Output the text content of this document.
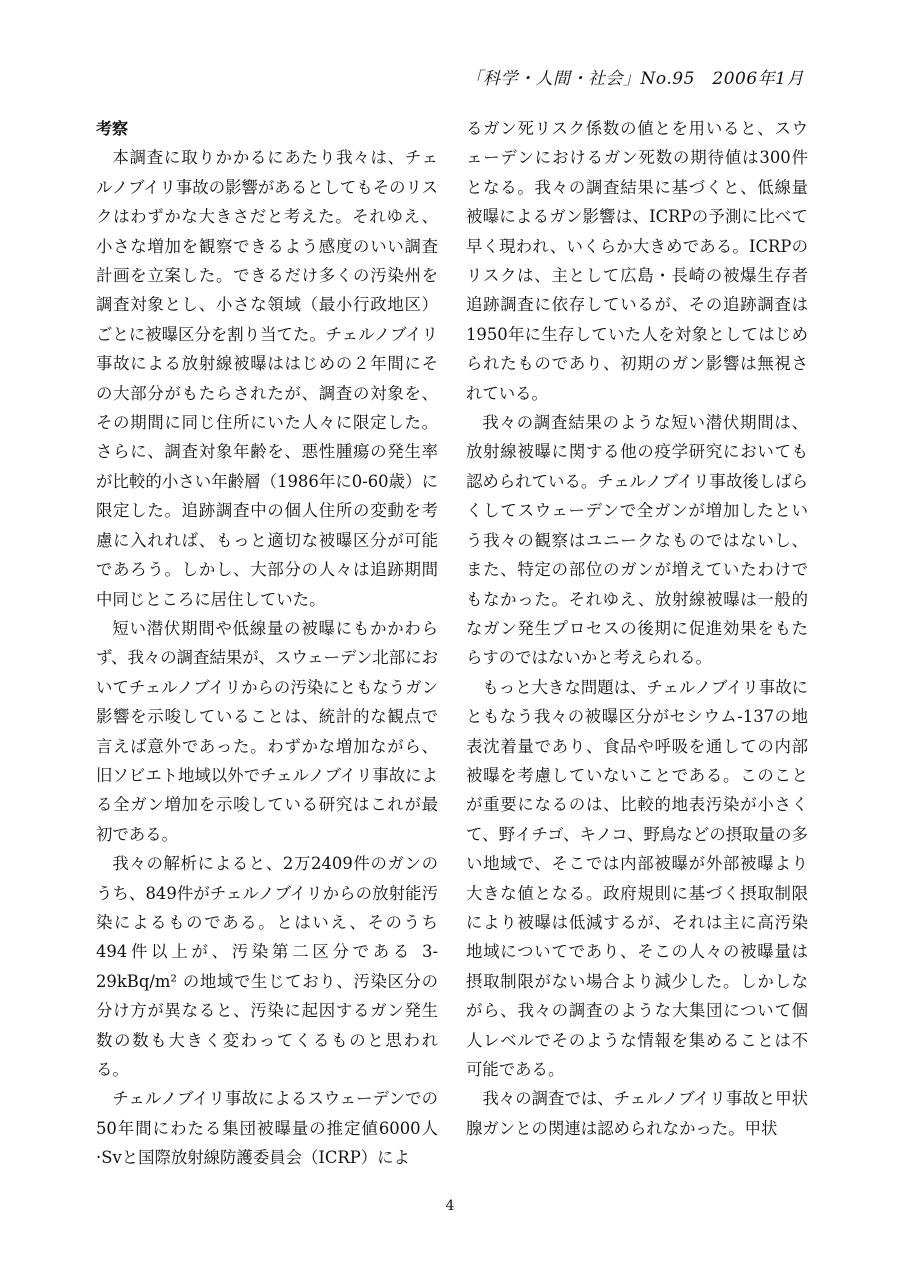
「科学・人間・社会」No.95　2006年1月
考察

本調査に取りかかるにあたり我々は、チェルノブイリ事故の影響があるとしてもそのリスクはわずかな大きさだと考えた。それゆえ、小さな増加を観察できるよう感度のいい調査計画を立案した。できるだけ多くの汚染州を調査対象とし、小さな領域（最小行政地区）ごとに被曝区分を割り当てた。チェルノブイリ事故による放射線被曝ははじめの２年間にその大部分がもたらされたが、調査の対象を、その期間に同じ住所にいた人々に限定した。さらに、調査対象年齢を、悪性腫瘍の発生率が比較的小さい年齢層（1986年に0-60歳）に限定した。追跡調査中の個人住所の変動を考慮に入れれば、もっと適切な被曝区分が可能であろう。しかし、大部分の人々は追跡期間中同じところに居住していた。

短い潜伏期間や低線量の被曝にもかかわらず、我々の調査結果が、スウェーデン北部においてチェルノブイリからの汚染にともなうガン影響を示唆していることは、統計的な観点で言えば意外であった。わずかな増加ながら、旧ソビエト地域以外でチェルノブイリ事故による全ガン増加を示唆している研究はこれが最初である。

我々の解析によると、2万2409件のガンのうち、849件がチェルノブイリからの放射能汚染によるものである。とはいえ、そのうち494件以上が、汚染第二区分である 3-29kBq/m² の地域で生じており、汚染区分の分け方が異なると、汚染に起因するガン発生数の数も大きく変わってくるものと思われる。

チェルノブイリ事故によるスウェーデンでの50年間にわたる集団被曝量の推定値6000人·Svと国際放射線防護委員会（ICRP）によ

るガン死リスク係数の値とを用いると、スウェーデンにおけるガン死数の期待値は300件となる。我々の調査結果に基づくと、低線量被曝によるガン影響は、ICRPの予測に比べて早く現われ、いくらか大きめである。ICRPのリスクは、主として広島・長崎の被爆生存者追跡調査に依存しているが、その追跡調査は1950年に生存していた人を対象としてはじめられたものであり、初期のガン影響は無視されている。

我々の調査結果のような短い潜伏期間は、放射線被曝に関する他の疫学研究においても認められている。チェルノブイリ事故後しばらくしてスウェーデンで全ガンが増加したという我々の観察はユニークなものではないし、また、特定の部位のガンが増えていたわけでもなかった。それゆえ、放射線被曝は一般的なガン発生プロセスの後期に促進効果をもたらすのではないかと考えられる。

もっと大きな問題は、チェルノブイリ事故にともなう我々の被曝区分がセシウム-137の地表沈着量であり、食品や呼吸を通しての内部被曝を考慮していないことである。このことが重要になるのは、比較的地表汚染が小さくて、野イチゴ、キノコ、野鳥などの摂取量の多い地域で、そこでは内部被曝が外部被曝より大きな値となる。政府規則に基づく摂取制限により被曝は低減するが、それは主に高汚染地域についてであり、そこの人々の被曝量は摂取制限がない場合より減少した。しかしながら、我々の調査のような大集団について個人レベルでそのような情報を集めることは不可能である。

我々の調査では、チェルノブイリ事故と甲状腺ガンとの関連は認められなかった。甲状

4
